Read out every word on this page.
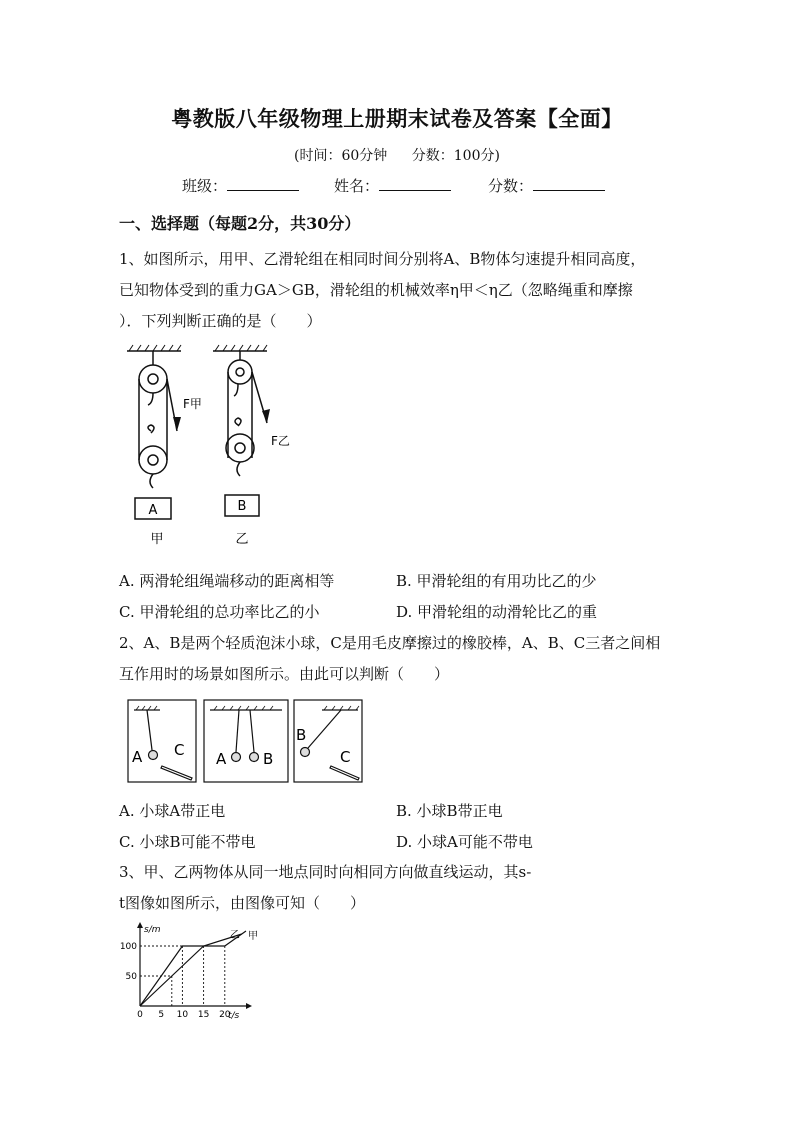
粤教版八年级物理上册期末试卷及答案【全面】
(时间：60分钟 分数：100分)
班级：	姓名：	分数：
一、选择题（每题2分，共30分）
1、如图所示，用甲、乙滑轮组在相同时间分别将A、B物体匀速提升相同高度，
已知物体受到的重力GA＞GB，滑轮组的机械效率η甲＜η乙（忽略绳重和摩擦
）．下列判断正确的是（　　）
A	B
F甲
F乙
甲	乙
A. 两滑轮组绳端移动的距离相等	B. 甲滑轮组的有用功比乙的少
C. 甲滑轮组的总功率比乙的小	D. 甲滑轮组的动滑轮比乙的重
2、A、B是两个轻质泡沫小球，C是用毛皮摩擦过的橡胶棒，A、B、C三者之间相
互作用时的场景如图所示。由此可以判断（　　）
A C A B
B
C
A. 小球A带正电	B. 小球B带正电
C. 小球B可能不带电	D. 小球A可能不带电
3、甲、乙两物体从同一地点同时向相同方向做直线运动，其s-
t图像如图所示，由图像可知（　　）
乙 甲
0 5 10 15 20
50
100
s/m
t/s
